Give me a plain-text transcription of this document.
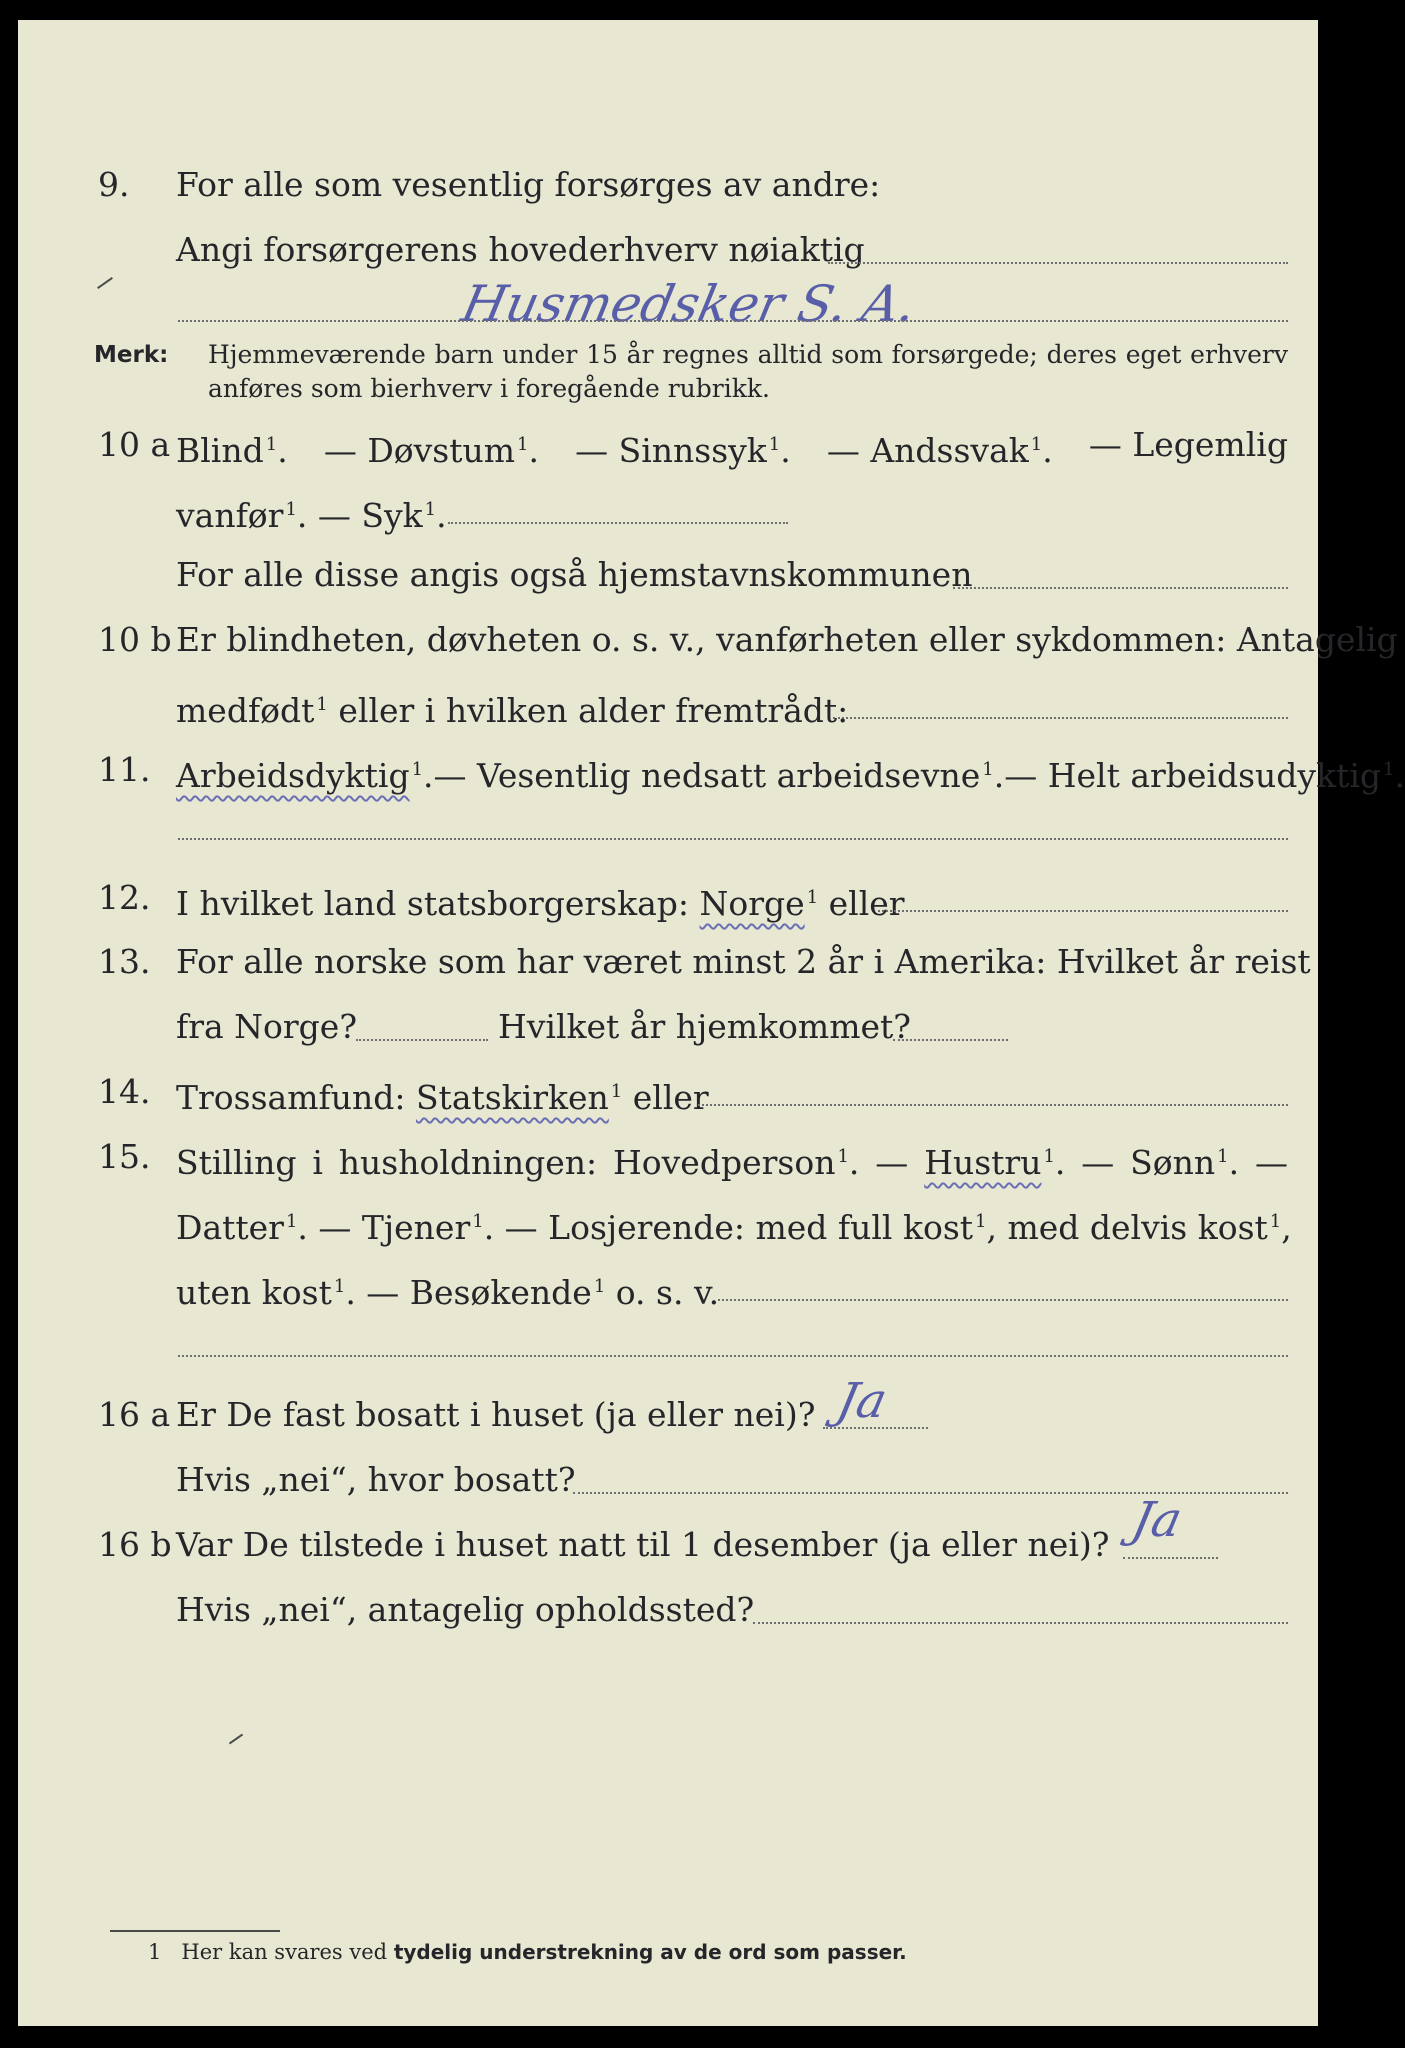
9. For alle som vesentlig forsørges av andre:
Angi forsørgerens hovederhverv nøiaktig
Husmedsker S. A.
Merk: Hjemmeværende barn under 15 år regnes alltid som forsørgede; deres eget erhverv
anføres som bierhverv i foregående rubrikk.
10 a Blind $^1$. — Døvstum $^1$. — Sinnssyk $^1$. — Andssvak $^1$. — Legemlig
vanfør $^1$. — Syk $^1$.
For alle disse angis også hjemstavnskommunen
10 b Er blindheten, døvheten o. s. v., vanførheten eller sykdommen: Antagelig
medfødt $^1$ eller i hvilken alder fremtrådt:
11. Arbeidsdyktig $^1$. — Vesentlig nedsatt arbeidsevne $^1$. — Helt arbeidsudyktig $^1$.
12. I hvilket land statsborgerskap: Norge $^1$ eller
13. For alle norske som har været minst 2 år i Amerika: Hvilket år reist
fra Norge?	Hvilket år hjemkommet?
14. Trossamfund: Statskirken $^1$ eller
15. Stilling i husholdningen: Hovedperson $^1$. — Hustru $^1$. — Sønn $^1$. —
Datter $^1$. — Tjener $^1$. — Losjerende: med full kost $^1$, med delvis kost $^1$,
uten kost $^1$. — Besøkende $^1$ o. s. v.
16 a Er De fast bosatt i huset (ja eller nei)? Ja
Hvis „nei“, hvor bosatt?
16 b Var De tilstede i huset natt til 1 desember (ja eller nei)? Ja
Hvis „nei“, antagelig opholdssted?
1 Her kan svares ved tydelig understrekning av de ord som passer.
